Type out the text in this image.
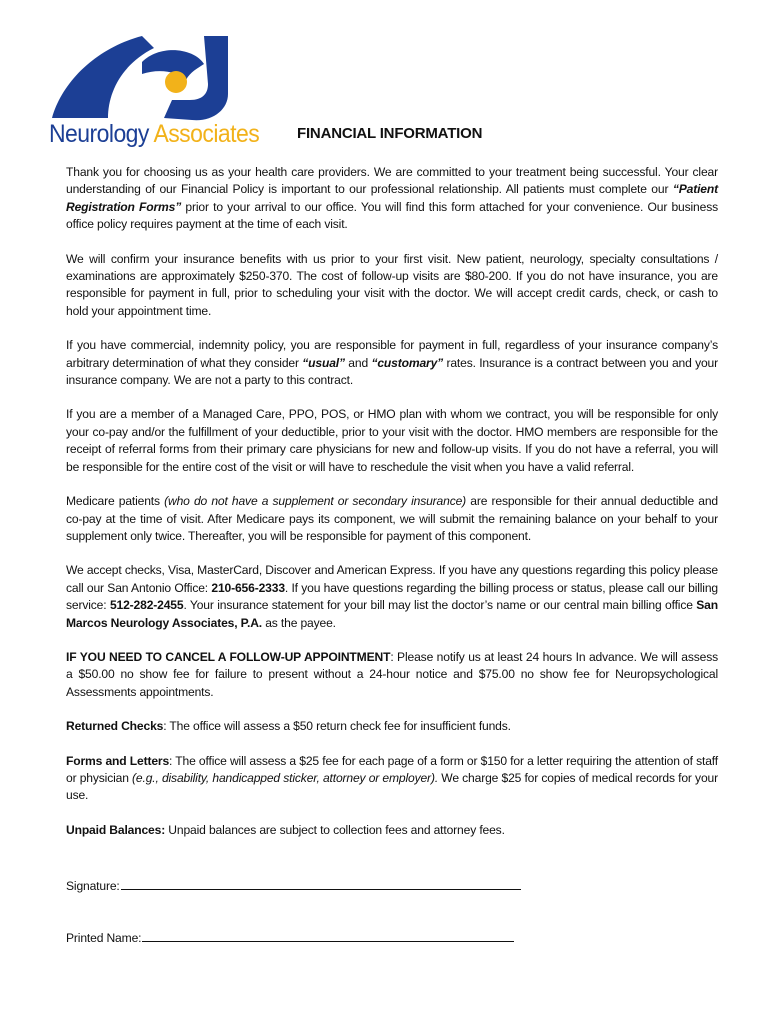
Neurology Associates	FINANCIAL INFORMATION

Thank you for choosing us as your health care providers. We are committed to your treatment being successful. Your clear understanding of our Financial Policy is important to our professional relationship. All patients must complete our “Patient Registration Forms” prior to your arrival to our office. You will find this form attached for your convenience. Our business office policy requires payment at the time of each visit.

We will confirm your insurance benefits with us prior to your first visit. New patient, neurology, specialty consultations / examinations are approximately $250-370. The cost of follow-up visits are $80-200. If you do not have insurance, you are responsible for payment in full, prior to scheduling your visit with the doctor. We will accept credit cards, check, or cash to hold your appointment time.

If you have commercial, indemnity policy, you are responsible for payment in full, regardless of your insurance company’s arbitrary determination of what they consider “usual” and “customary” rates. Insurance is a contract between you and your insurance company. We are not a party to this contract.

If you are a member of a Managed Care, PPO, POS, or HMO plan with whom we contract, you will be responsible for only your co-pay and/or the fulfillment of your deductible, prior to your visit with the doctor. HMO members are responsible for the receipt of referral forms from their primary care physicians for new and follow-up visits. If you do not have a referral, you will be responsible for the entire cost of the visit or will have to reschedule the visit when you have a valid referral.

Medicare patients (who do not have a supplement or secondary insurance) are responsible for their annual deductible and co-pay at the time of visit. After Medicare pays its component, we will submit the remaining balance on your behalf to your supplement only twice. Thereafter, you will be responsible for payment of this component.

We accept checks, Visa, MasterCard, Discover and American Express. If you have any questions regarding this policy please call our San Antonio Office: 210-656-2333. If you have questions regarding the billing process or status, please call our billing service: 512-282-2455. Your insurance statement for your bill may list the doctor’s name or our central main billing office San Marcos Neurology Associates, P.A. as the payee.

IF YOU NEED TO CANCEL A FOLLOW-UP APPOINTMENT: Please notify us at least 24 hours In advance. We will assess a $50.00 no show fee for failure to present without a 24-hour notice and $75.00 no show fee for Neuropsychological Assessments appointments.

Returned Checks: The office will assess a $50 return check fee for insufficient funds.

Forms and Letters: The office will assess a $25 fee for each page of a form or $150 for a letter requiring the attention of staff or physician (e.g., disability, handicapped sticker, attorney or employer). We charge $25 for copies of medical records for your use.

Unpaid Balances: Unpaid balances are subject to collection fees and attorney fees.

Signature:
Printed Name:
